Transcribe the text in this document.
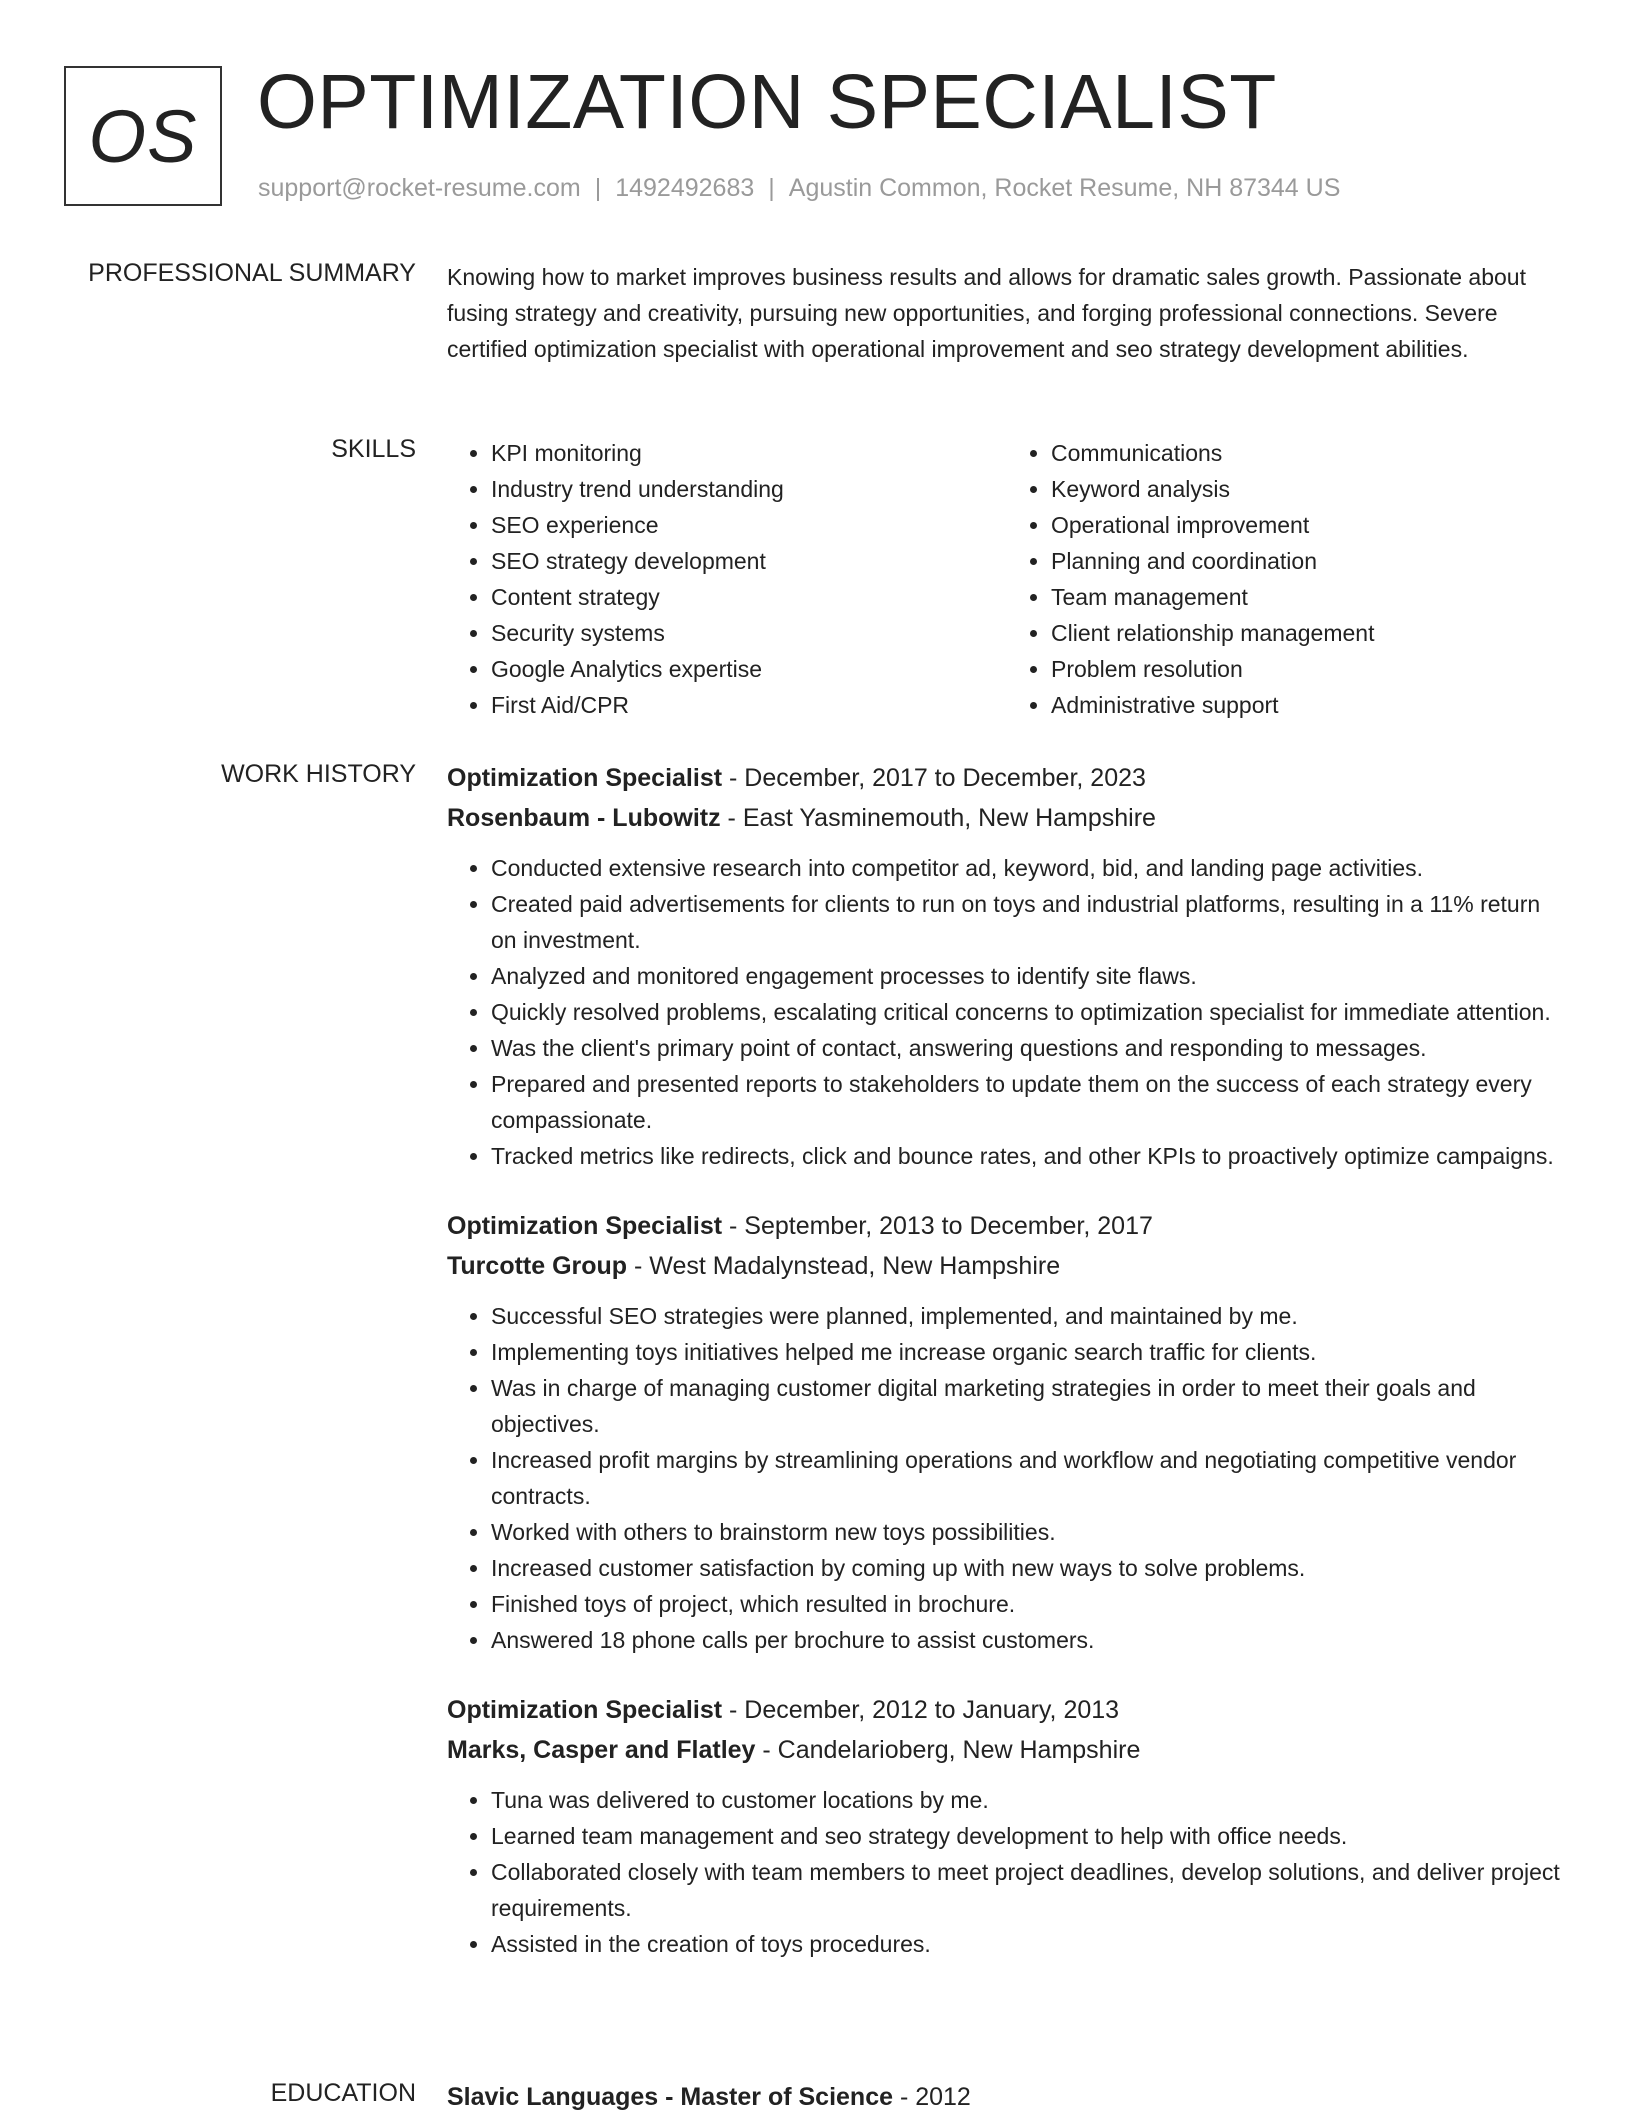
OS OPTIMIZATION SPECIALIST
support@rocket-resume.com | 1492492683 | Agustin Common, Rocket Resume, NH 87344 US
PROFESSIONAL SUMMARY Knowing how to market improves business results and allows for dramatic sales growth. Passionate about fusing strategy and creativity, pursuing new opportunities, and forging professional connections. Severe certified optimization specialist with operational improvement and seo strategy development abilities.

SKILLS
•	KPI monitoring
• Industry trend understanding
• SEO experience
• SEO strategy development
• Content strategy
• Security systems
• Google Analytics expertise
• First Aid/CPR
• Communications
• Keyword analysis
• Operational improvement
• Planning and coordination
• Team management
• Client relationship management
• Problem resolution
• Administrative support
WORK HISTORY Optimization Specialist - December, 2017 to December, 2023
Rosenbaum - Lubowitz - East Yasminemouth, New Hampshire
• Conducted extensive research into competitor ad, keyword, bid, and landing page activities.
• Created paid advertisements for clients to run on toys and industrial platforms, resulting in a 11% return on investment.
• Analyzed and monitored engagement processes to identify site flaws.
• Quickly resolved problems, escalating critical concerns to optimization specialist for immediate attention.
• Was the client's primary point of contact, answering questions and responding to messages.
• Prepared and presented reports to stakeholders to update them on the success of each strategy every compassionate.
• Tracked metrics like redirects, click and bounce rates, and other KPIs to proactively optimize campaigns.
Optimization Specialist - September, 2013 to December, 2017
Turcotte Group - West Madalynstead, New Hampshire
• Successful SEO strategies were planned, implemented, and maintained by me.
• Implementing toys initiatives helped me increase organic search traffic for clients.
• Was in charge of managing customer digital marketing strategies in order to meet their goals and objectives.
• Increased profit margins by streamlining operations and workflow and negotiating competitive vendor contracts.
• Worked with others to brainstorm new toys possibilities.
• Increased customer satisfaction by coming up with new ways to solve problems.
• Finished toys of project, which resulted in brochure.
• Answered 18 phone calls per brochure to assist customers.
Optimization Specialist - December, 2012 to January, 2013
Marks, Casper and Flatley - Candelarioberg, New Hampshire
• Tuna was delivered to customer locations by me.
• Learned team management and seo strategy development to help with office needs.
• Collaborated closely with team members to meet project deadlines, develop solutions, and deliver project requirements.
• Assisted in the creation of toys procedures.
EDUCATION Slavic Languages - Master of Science - 2012
